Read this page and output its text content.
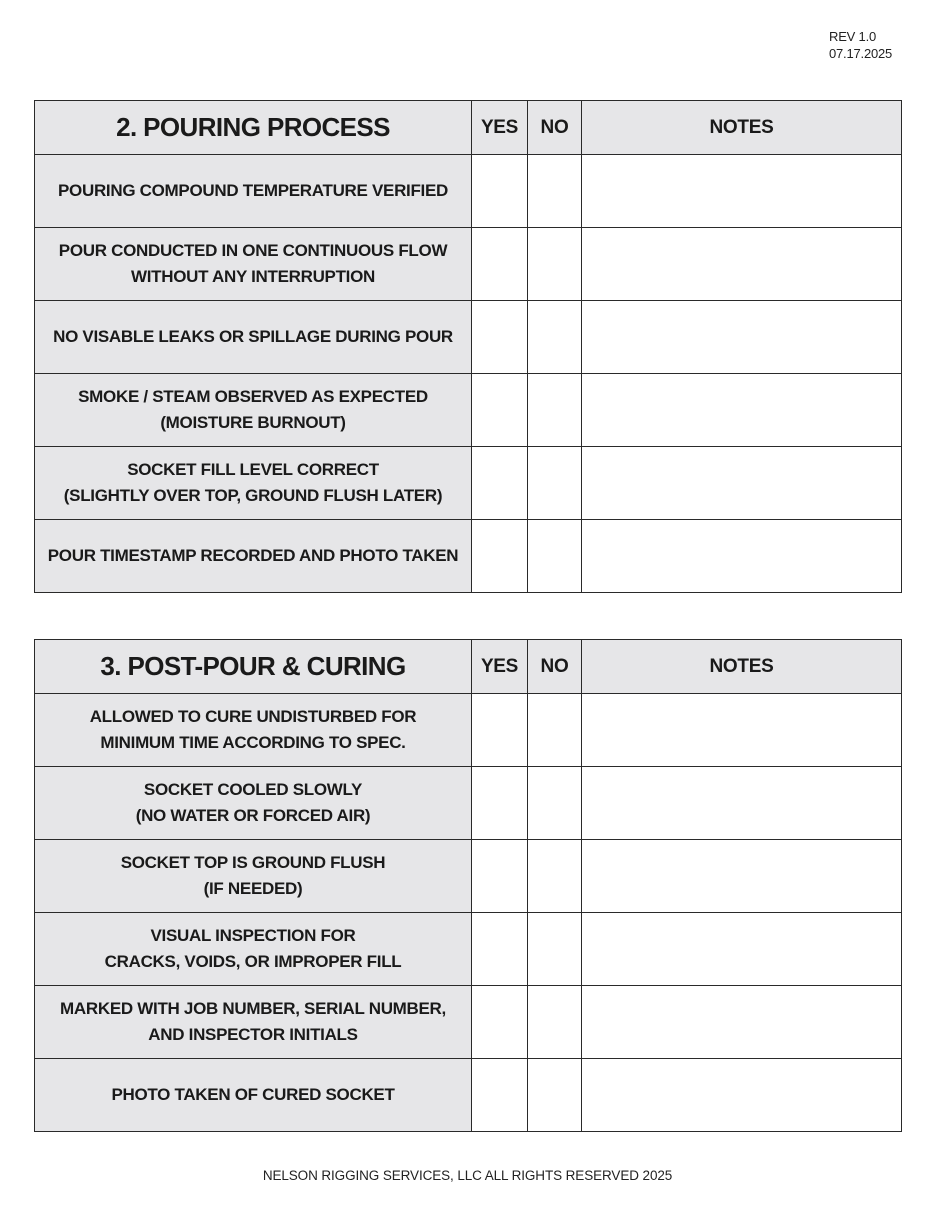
REV 1.0
07.17.2025
2. POURING PROCESS	YES	NO	NOTES

POURING COMPOUND TEMPERATURE VERIFIED			

POUR CONDUCTED IN ONE CONTINUOUS FLOW
WITHOUT ANY INTERRUPTION			

NO VISABLE LEAKS OR SPILLAGE DURING POUR			

SMOKE / STEAM OBSERVED AS EXPECTED
(MOISTURE BURNOUT)			

SOCKET FILL LEVEL CORRECT
(SLIGHTLY OVER TOP, GROUND FLUSH LATER)			

POUR TIMESTAMP RECORDED AND PHOTO TAKEN			

3. POST-POUR & CURING	YES	NO	NOTES

ALLOWED TO CURE UNDISTURBED FOR
MINIMUM TIME ACCORDING TO SPEC.			

SOCKET COOLED SLOWLY
(NO WATER OR FORCED AIR)			

SOCKET TOP IS GROUND FLUSH
(IF NEEDED)			

VISUAL INSPECTION FOR
CRACKS, VOIDS, OR IMPROPER FILL			

MARKED WITH JOB NUMBER, SERIAL NUMBER,
AND INSPECTOR INITIALS			

PHOTO TAKEN OF CURED SOCKET			

NELSON RIGGING SERVICES, LLC ALL RIGHTS RESERVED 2025
